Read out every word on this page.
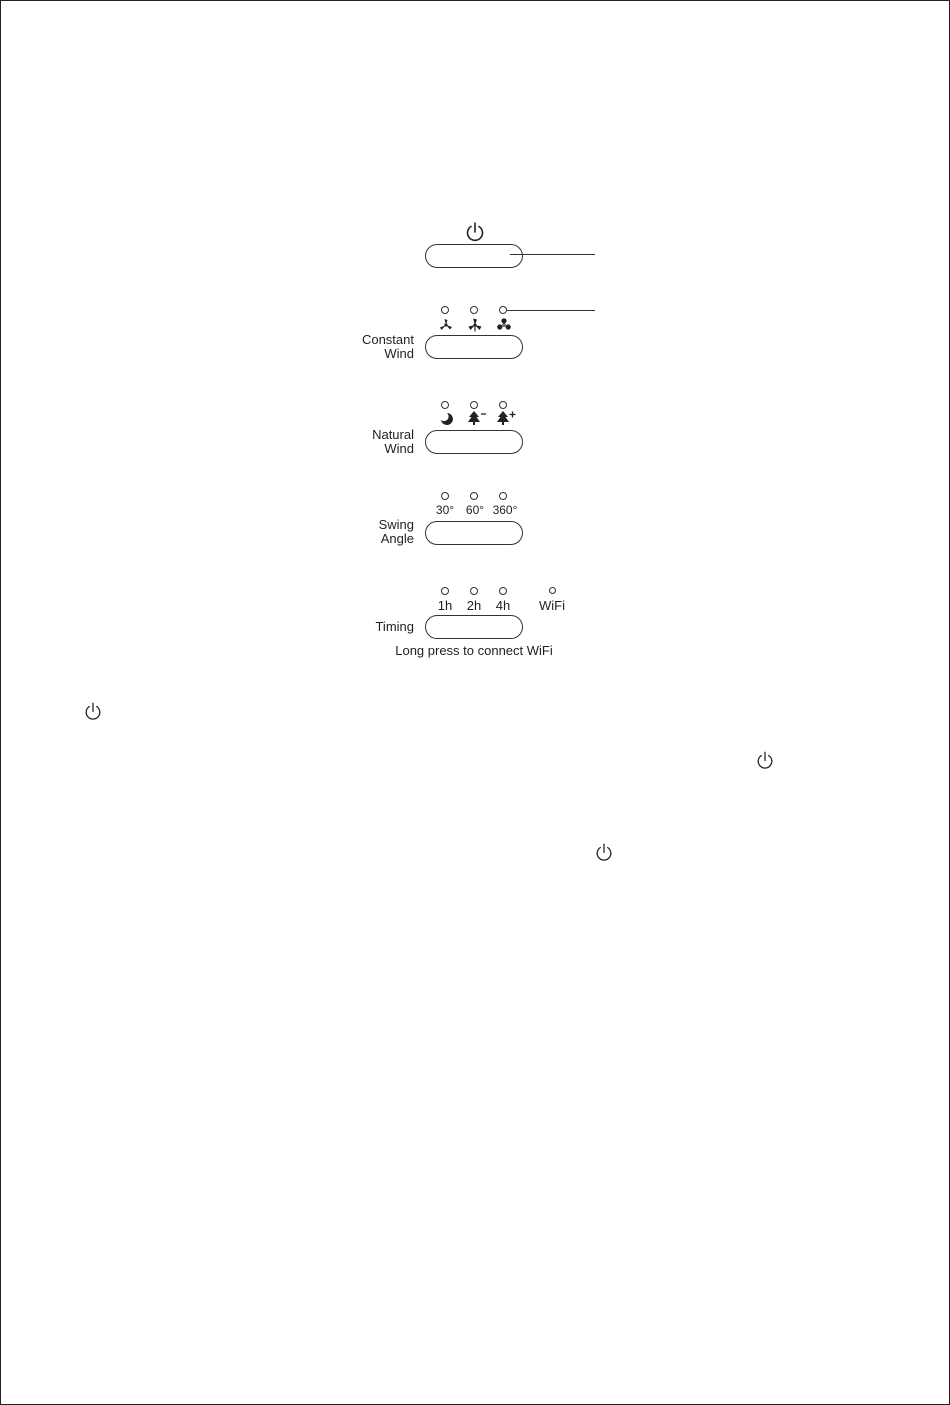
Constant
Wind
Natural
Wind
30° 60° 360°
Swing
Angle
1h	2h	4h	WiFi
Timing
Long press to connect WiFi
